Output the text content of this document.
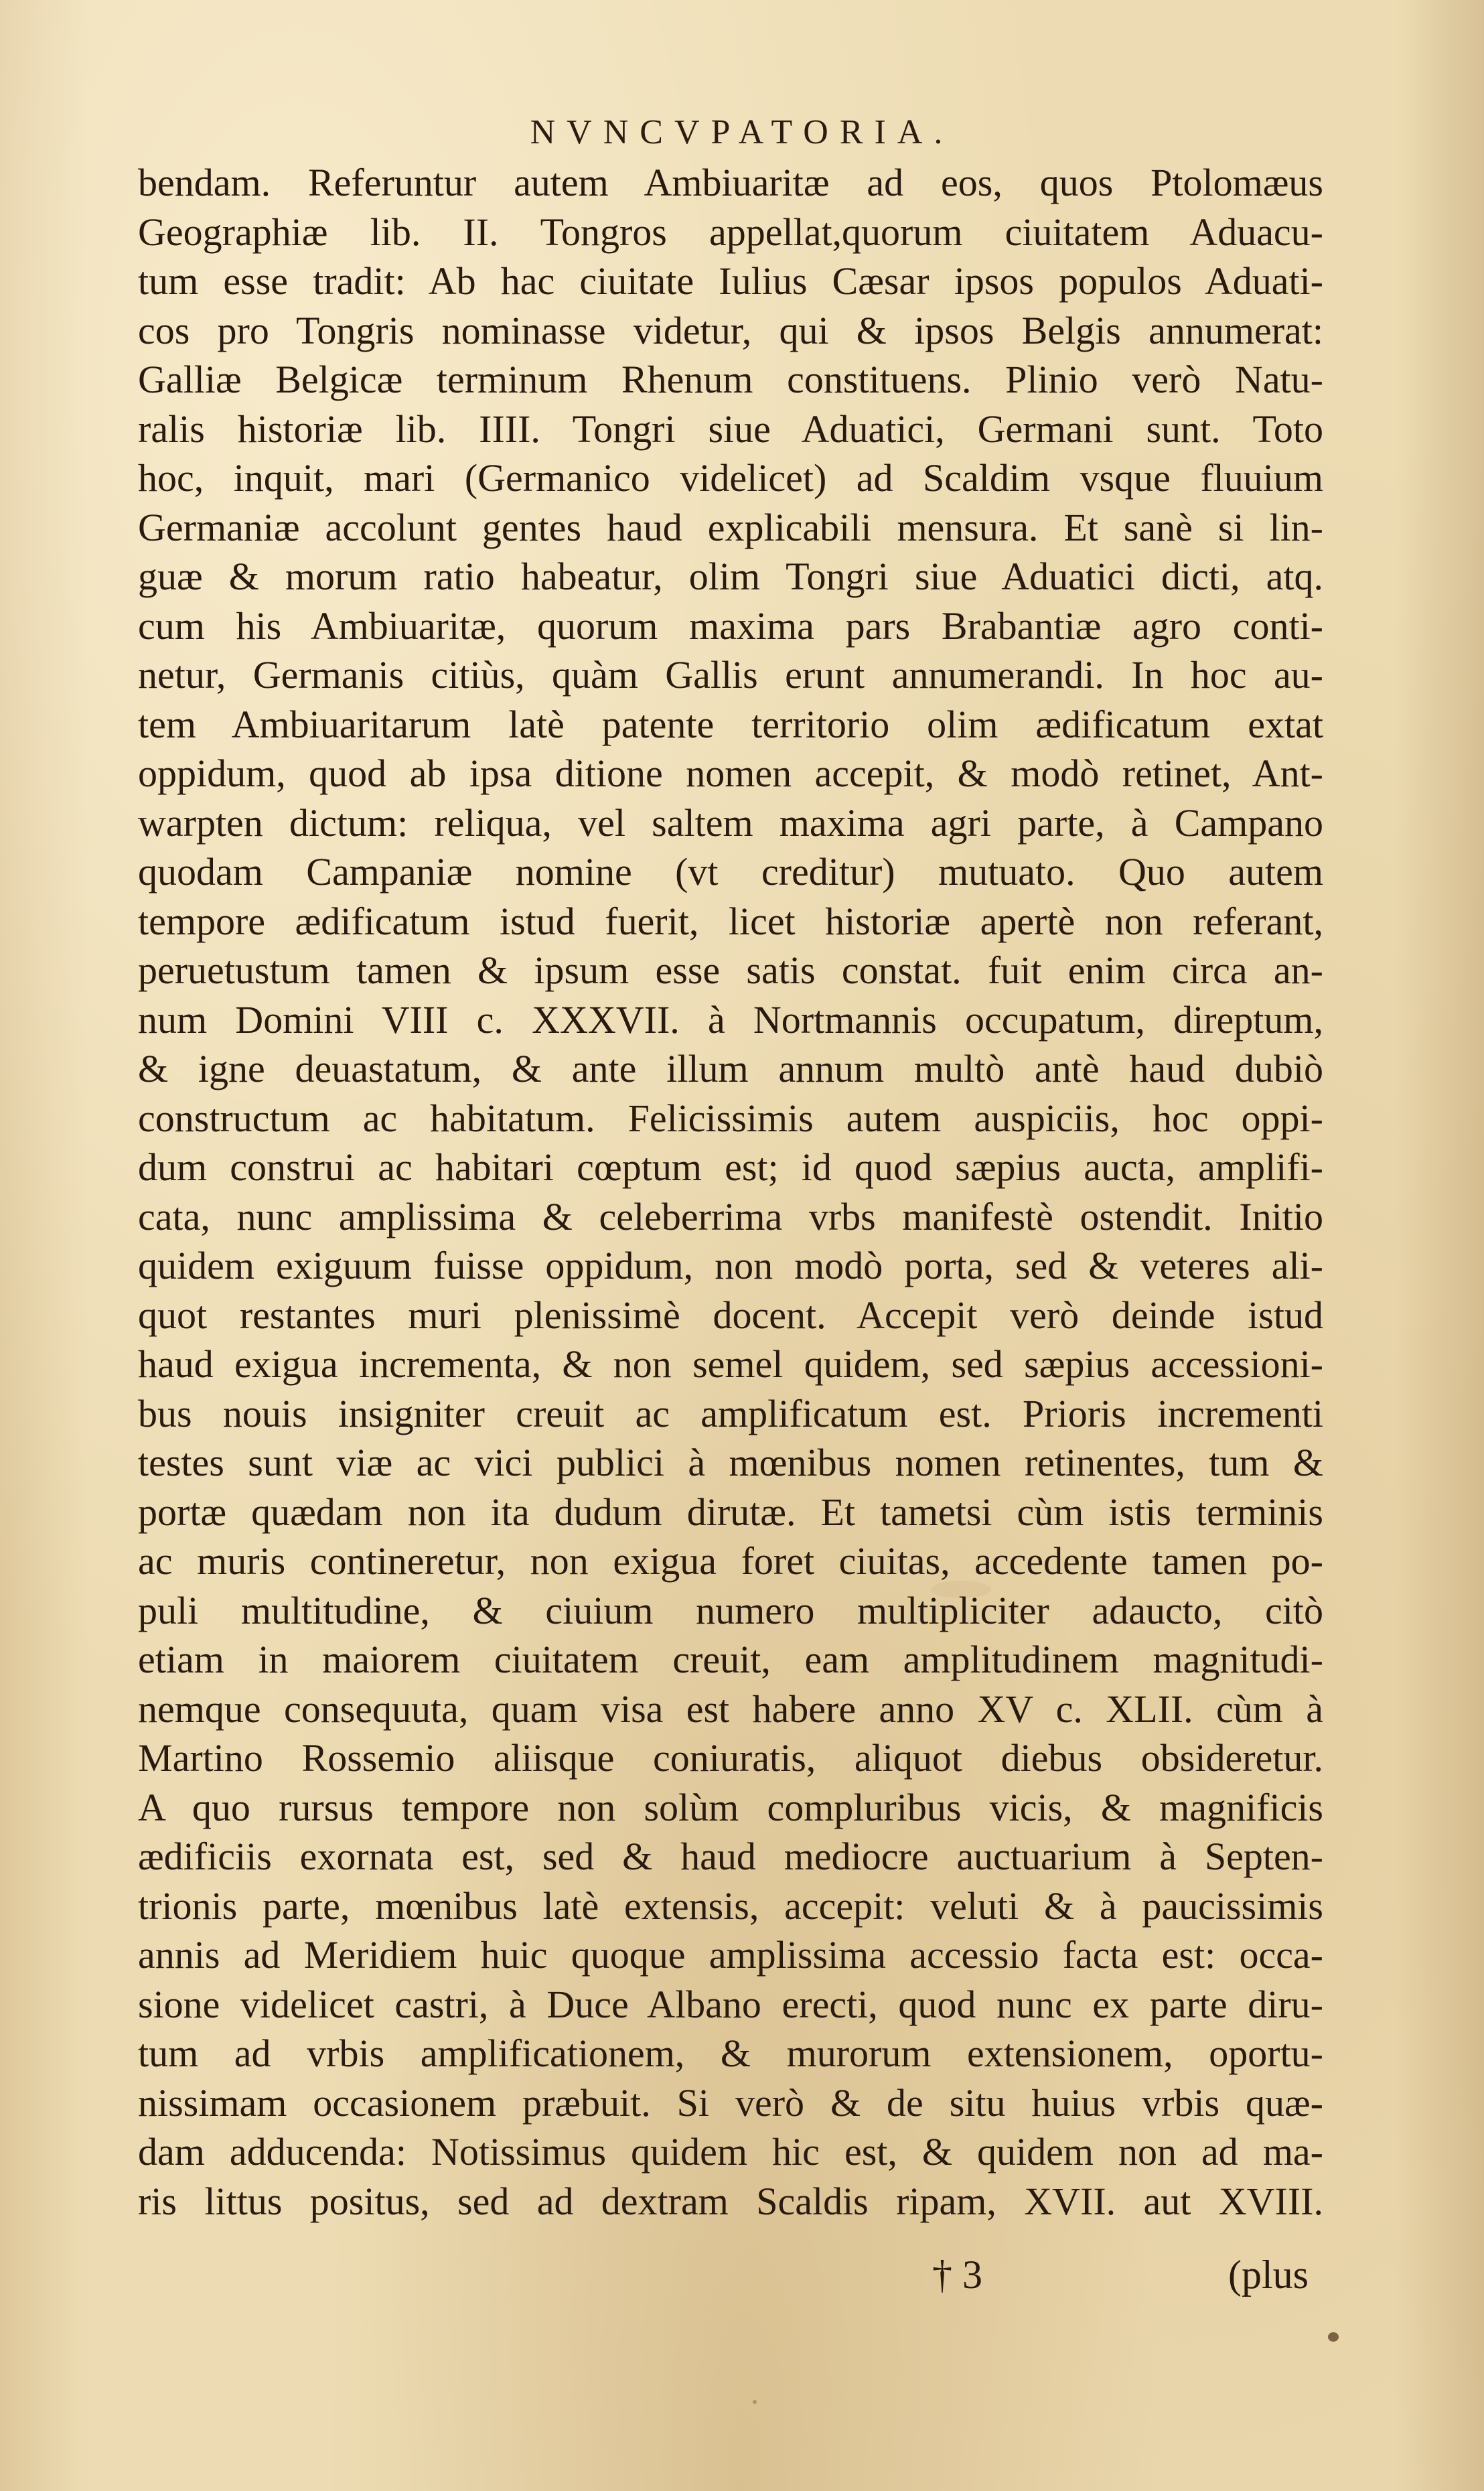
NVNCVPATORIA.
bendam. Referuntur autem Ambiuaritæ ad eos, quos Ptolomæus
Geographiæ lib. II. Tongros appellat,quorum ciuitatem Aduacu-
tum esse tradit: Ab hac ciuitate Iulius Cæsar ipsos populos Aduati-
cos pro Tongris nominasse videtur, qui & ipsos Belgis annumerat:
Galliæ Belgicæ terminum Rhenum constituens. Plinio verò Natu-
ralis historiæ lib. IIII. Tongri siue Aduatici, Germani sunt. Toto
hoc, inquit, mari (Germanico videlicet) ad Scaldim vsque fluuium
Germaniæ accolunt gentes haud explicabili mensura. Et sanè si lin-
guæ & morum ratio habeatur, olim Tongri siue Aduatici dicti, atq.
cum his Ambiuaritæ, quorum maxima pars Brabantiæ agro conti-
netur, Germanis citiùs, quàm Gallis erunt annumerandi. In hoc au-
tem Ambiuaritarum latè patente territorio olim ædificatum extat
oppidum, quod ab ipsa ditione nomen accepit, & modò retinet, Ant-
warpten dictum: reliqua, vel saltem maxima agri parte, à Campano
quodam Campaniæ nomine (vt creditur) mutuato. Quo autem
tempore ædificatum istud fuerit, licet historiæ apertè non referant,
peruetustum tamen & ipsum esse satis constat. fuit enim circa an-
num Domini VIII c. XXXVII. à Nortmannis occupatum, direptum,
& igne deuastatum, & ante illum annum multò antè haud dubiò
constructum ac habitatum. Felicissimis autem auspiciis, hoc oppi-
dum construi ac habitari cœptum est; id quod sæpius aucta, amplifi-
cata, nunc amplissima & celeberrima vrbs manifestè ostendit. Initio
quidem exiguum fuisse oppidum, non modò porta, sed & veteres ali-
quot restantes muri plenissimè docent. Accepit verò deinde istud
haud exigua incrementa, & non semel quidem, sed sæpius accessioni-
bus nouis insigniter creuit ac amplificatum est. Prioris incrementi
testes sunt viæ ac vici publici à mœnibus nomen retinentes, tum &
portæ quædam non ita dudum dirutæ. Et tametsi cùm istis terminis
ac muris contineretur, non exigua foret ciuitas, accedente tamen po-
puli multitudine, & ciuium numero multipliciter adaucto, citò
etiam in maiorem ciuitatem creuit, eam amplitudinem magnitudi-
nemque consequuta, quam visa est habere anno XV c. XLII. cùm à
Martino Rossemio aliisque coniuratis, aliquot diebus obsideretur.
A quo rursus tempore non solùm compluribus vicis, & magnificis
ædificiis exornata est, sed & haud mediocre auctuarium à Septen-
trionis parte, mœnibus latè extensis, accepit: veluti & à paucissimis
annis ad Meridiem huic quoque amplissima accessio facta est: occa-
sione videlicet castri, à Duce Albano erecti, quod nunc ex parte diru-
tum ad vrbis amplificationem, & murorum extensionem, oportu-
nissimam occasionem præbuit. Si verò & de situ huius vrbis quæ-
dam adducenda: Notissimus quidem hic est, & quidem non ad ma-
ris littus positus, sed ad dextram Scaldis ripam, XVII. aut XVIII.
† 3	(plus
